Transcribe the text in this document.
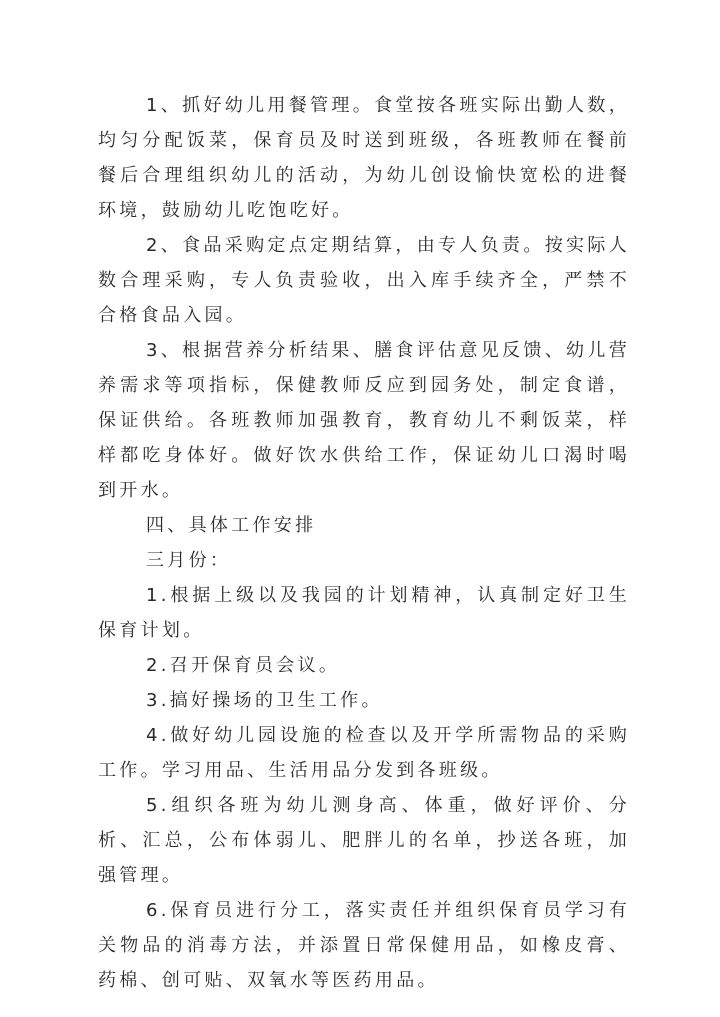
1、抓好幼儿用餐管理。食堂按各班实际出勤人数，均匀分配饭菜，保育员及时送到班级，各班教师在餐前餐后合理组织幼儿的活动，为幼儿创设愉快宽松的进餐环境，鼓励幼儿吃饱吃好。

2、食品采购定点定期结算，由专人负责。按实际人数合理采购，专人负责验收，出入库手续齐全，严禁不合格食品入园。

3、根据营养分析结果、膳食评估意见反馈、幼儿营养需求等项指标，保健教师反应到园务处，制定食谱，保证供给。各班教师加强教育，教育幼儿不剩饭菜，样样都吃身体好。做好饮水供给工作，保证幼儿口渴时喝到开水。

四、具体工作安排

三月份：

1.根据上级以及我园的计划精神，认真制定好卫生保育计划。

2.召开保育员会议。

3.搞好操场的卫生工作。

4.做好幼儿园设施的检查以及开学所需物品的采购工作。学习用品、生活用品分发到各班级。

5.组织各班为幼儿测身高、体重，做好评价、分析、汇总，公布体弱儿、肥胖儿的名单，抄送各班，加强管理。

6.保育员进行分工，落实责任并组织保育员学习有关物品的消毒方法，并添置日常保健用品，如橡皮膏、药棉、创可贴、双氧水等医药用品。
